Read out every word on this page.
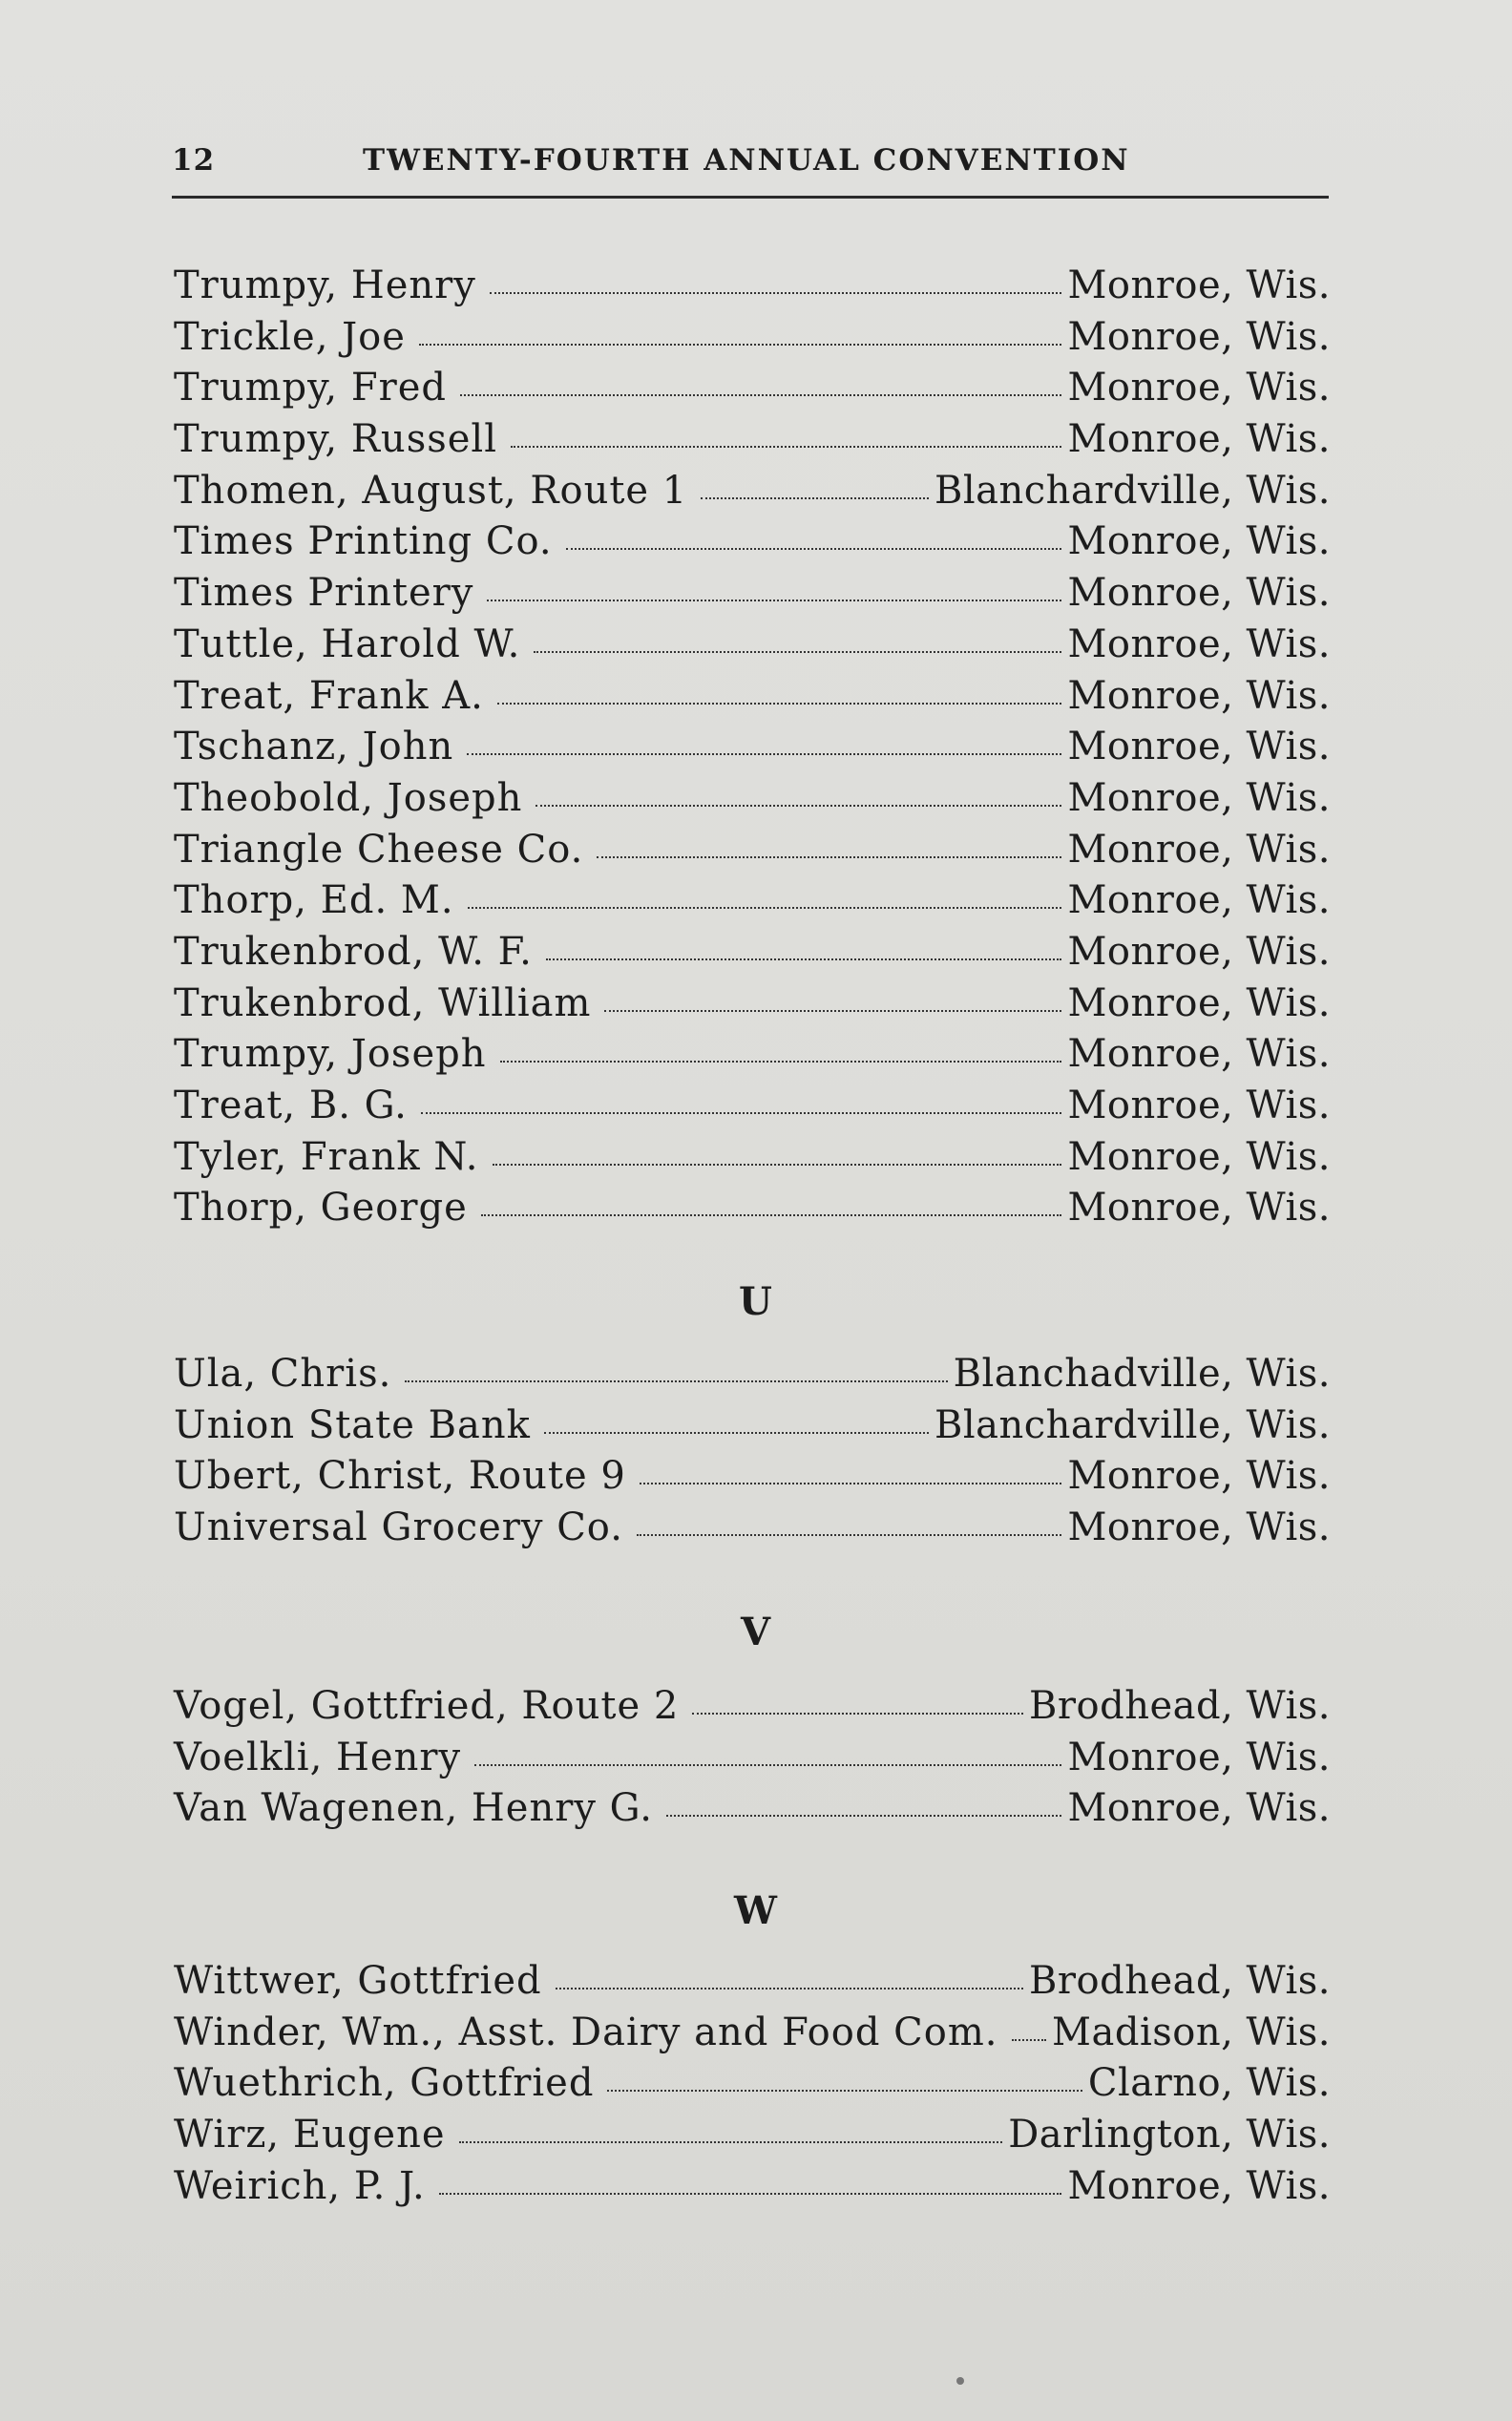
12	TWENTY-FOURTH ANNUAL CONVENTION
Trumpy, Henry	Monroe, Wis.
Trickle, Joe	Monroe, Wis.
Trumpy, Fred	Monroe, Wis.
Trumpy, Russell	Monroe, Wis.
Thomen, August, Route 1	Blanchardville, Wis.
Times Printing Co.	Monroe, Wis.
Times Printery	Monroe, Wis.
Tuttle, Harold W.	Monroe, Wis.
Treat, Frank A.	Monroe, Wis.
Tschanz, John	Monroe, Wis.
Theobold, Joseph	Monroe, Wis.
Triangle Cheese Co.	Monroe, Wis.
Thorp, Ed. M.	Monroe, Wis.
Trukenbrod, W. F.	Monroe, Wis.
Trukenbrod, William	Monroe, Wis.
Trumpy, Joseph	Monroe, Wis.
Treat, B. G.	Monroe, Wis.
Tyler, Frank N.	Monroe, Wis.
Thorp, George	Monroe, Wis.
U
Ula, Chris.	Blanchadville, Wis.
Union State Bank	Blanchardville, Wis.
Ubert, Christ, Route 9	Monroe, Wis.
Universal Grocery Co.	Monroe, Wis.
V
Vogel, Gottfried, Route 2	Brodhead, Wis.
Voelkli, Henry	Monroe, Wis.
Van Wagenen, Henry G.	Monroe, Wis.
W
Wittwer, Gottfried	Brodhead, Wis.
Winder, Wm., Asst. Dairy and Food Com. Madison, Wis.
Wuethrich, Gottfried	Clarno, Wis.
Wirz, Eugene	Darlington, Wis.
Weirich, P. J.	Monroe, Wis.
